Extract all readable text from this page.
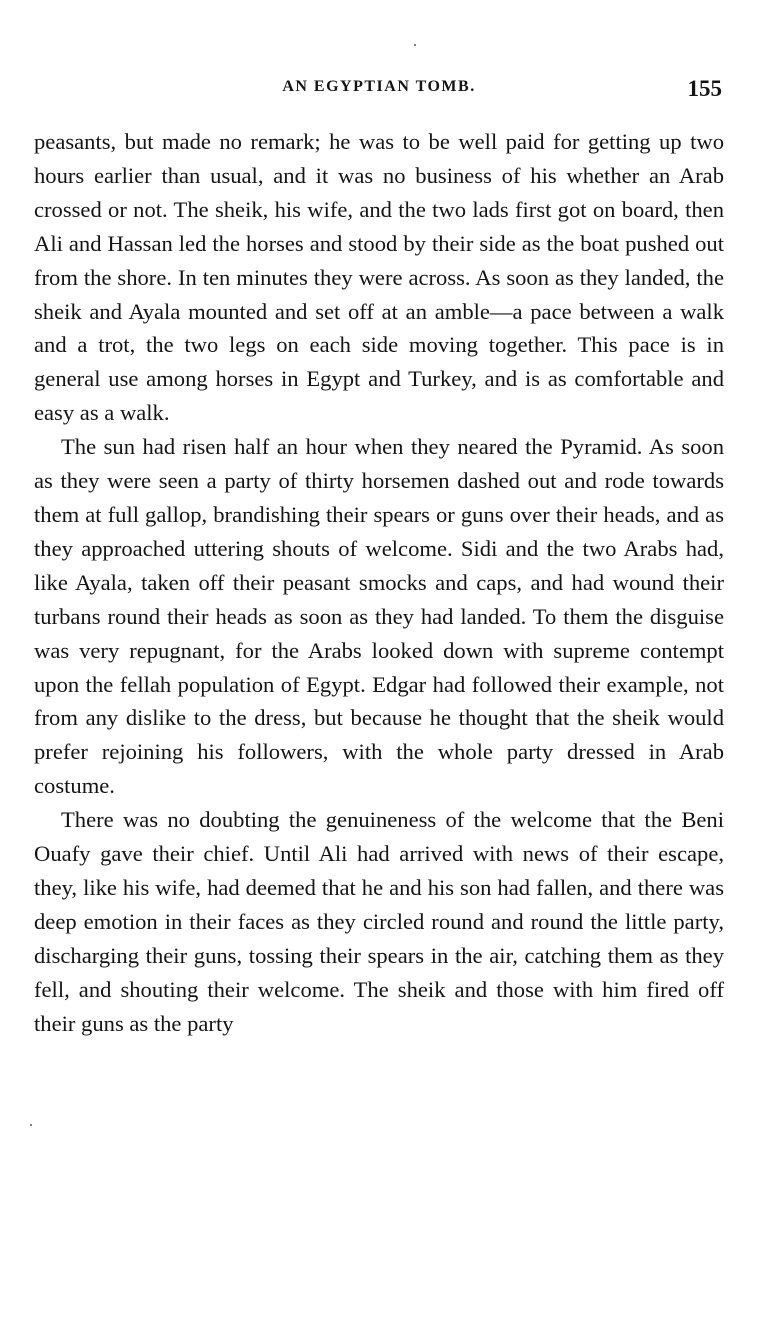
AN EGYPTIAN TOMB.	155

peasants, but made no remark; he was to be well paid for getting up two hours earlier than usual, and it was no business of his whether an Arab crossed or not. The sheik, his wife, and the two lads first got on board, then Ali and Hassan led the horses and stood by their side as the boat pushed out from the shore. In ten minutes they were across. As soon as they landed, the sheik and Ayala mounted and set off at an amble—a pace between a walk and a trot, the two legs on each side moving together. This pace is in general use among horses in Egypt and Turkey, and is as comfortable and easy as a walk.

The sun had risen half an hour when they neared the Pyramid. As soon as they were seen a party of thirty horsemen dashed out and rode towards them at full gallop, brandishing their spears or guns over their heads, and as they approached uttering shouts of welcome. Sidi and the two Arabs had, like Ayala, taken off their peasant smocks and caps, and had wound their turbans round their heads as soon as they had landed. To them the disguise was very repugnant, for the Arabs looked down with supreme contempt upon the fellah population of Egypt. Edgar had followed their example, not from any dislike to the dress, but because he thought that the sheik would prefer rejoining his followers, with the whole party dressed in Arab costume.

There was no doubting the genuineness of the welcome that the Beni Ouafy gave their chief. Until Ali had arrived with news of their escape, they, like his wife, had deemed that he and his son had fallen, and there was deep emotion in their faces as they circled round and round the little party, discharging their guns, tossing their spears in the air, catching them as they fell, and shouting their welcome. The sheik and those with him fired off their guns as the party
